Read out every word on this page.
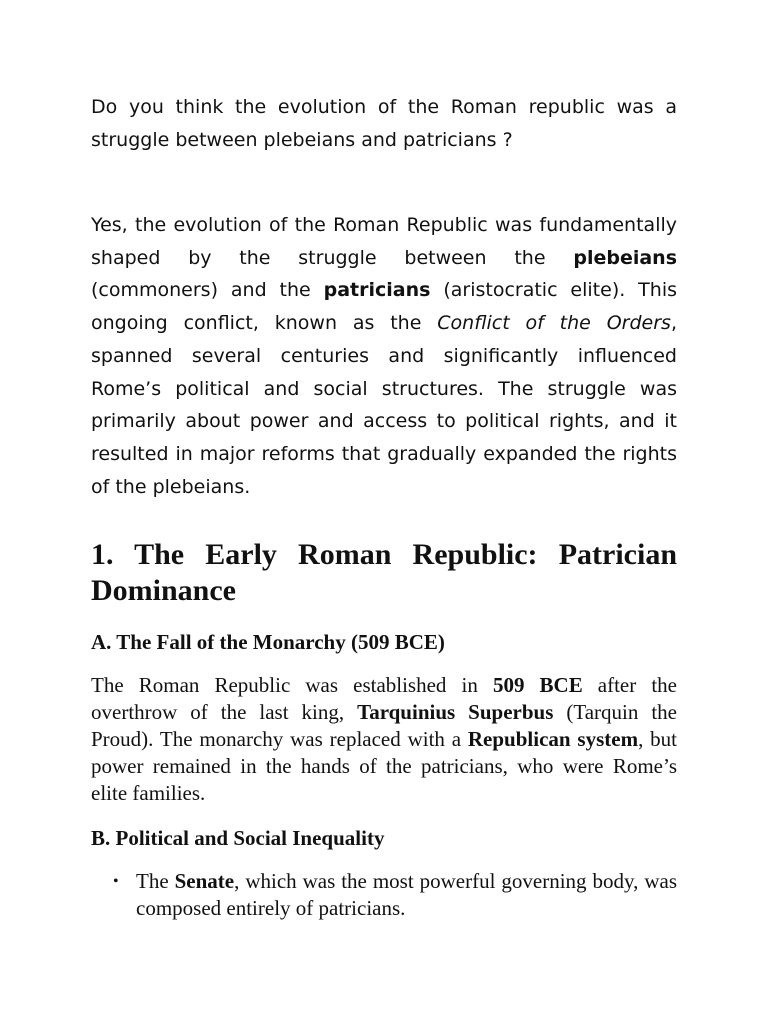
Do you think the evolution of the Roman republic was a struggle between plebeians and patricians ?

Yes, the evolution of the Roman Republic was fundamentally shaped by the struggle between the plebeians (commoners) and the patricians (aristocratic elite). This ongoing conflict, known as the Conflict of the Orders, spanned several centuries and significantly influenced Rome’s political and social structures. The struggle was primarily about power and access to political rights, and it resulted in major reforms that gradually expanded the rights of the plebeians.

1. The Early Roman Republic: Patrician Dominance
A. The Fall of the Monarchy (509 BCE)

The Roman Republic was established in 509 BCE after the overthrow of the last king, Tarquinius Superbus (Tarquin the Proud). The monarchy was replaced with a Republican system, but power remained in the hands of the patricians, who were Rome’s elite families.

B. Political and Social Inequality
• The Senate, which was the most powerful governing body, was composed entirely of patricians.
